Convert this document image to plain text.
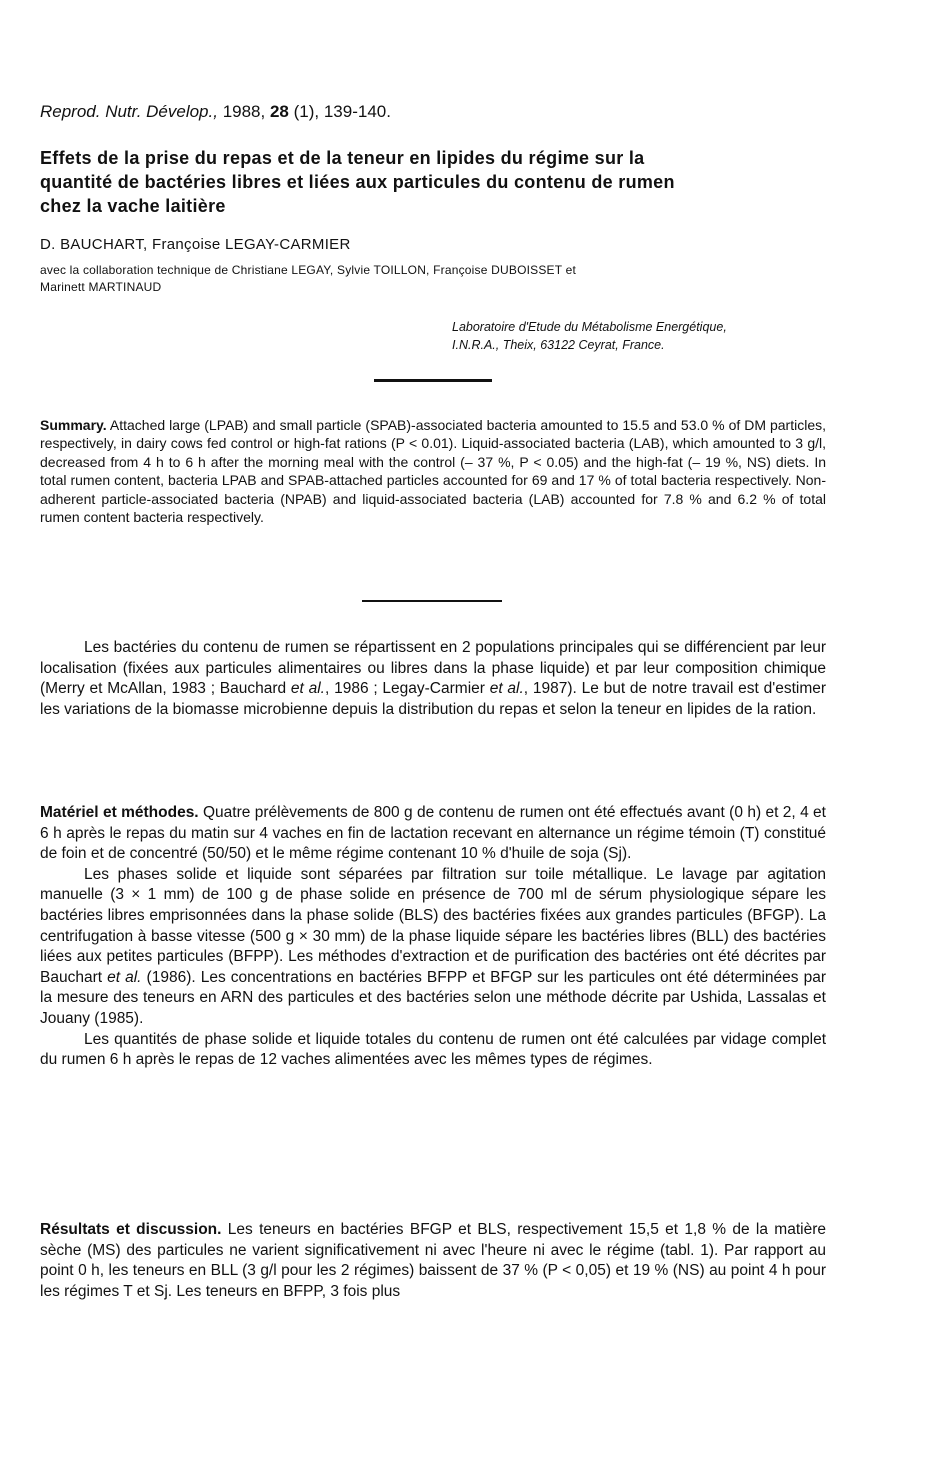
Reprod. Nutr. Dévelop., 1988, 28 (1), 139-140.
Effets de la prise du repas et de la teneur en lipides du régime sur la
quantité de bactéries libres et liées aux particules du contenu de rumen
chez la vache laitière
D. BAUCHART, Françoise LEGAY-CARMIER
avec la collaboration technique de Christiane LEGAY, Sylvie TOILLON, Françoise DUBOISSET et
Marinett MARTINAUD
Laboratoire d'Etude du Métabolisme Energétique,
I.N.R.A., Theix, 63122 Ceyrat, France.
Summary. Attached large (LPAB) and small particle (SPAB)-associated bacteria amounted to 15.5 and 53.0 % of DM particles, respectively, in dairy cows fed control or high-fat rations (P < 0.01). Liquid-associated bacteria (LAB), which amounted to 3 g/l, decreased from 4 h to 6 h after the morning meal with the control (– 37 %, P < 0.05) and the high-fat (– 19 %, NS) diets. In total rumen content, bacteria LPAB and SPAB-attached particles accounted for 69 and 17 % of total bacteria respectively. Non-adherent particle-associated bacteria (NPAB) and liquid-associated bacteria (LAB) accounted for 7.8 % and 6.2 % of total rumen content bacteria respectively.
Les bactéries du contenu de rumen se répartissent en 2 populations principales qui se différencient par leur localisation (fixées aux particules alimentaires ou libres dans la phase liquide) et par leur composition chimique (Merry et McAllan, 1983 ; Bauchard et al., 1986 ; Legay-Carmier et al., 1987). Le but de notre travail est d'estimer les variations de la biomasse microbienne depuis la distribution du repas et selon la teneur en lipides de la ration.
Matériel et méthodes. Quatre prélèvements de 800 g de contenu de rumen ont été effectués avant (0 h) et 2, 4 et 6 h après le repas du matin sur 4 vaches en fin de lactation recevant en alternance un régime témoin (T) constitué de foin et de concentré (50/50) et le même régime contenant 10 % d'huile de soja (Sj).
Les phases solide et liquide sont séparées par filtration sur toile métallique. Le lavage par agitation manuelle (3 × 1 mm) de 100 g de phase solide en présence de 700 ml de sérum physiologique sépare les bactéries libres emprisonnées dans la phase solide (BLS) des bactéries fixées aux grandes particules (BFGP). La centrifugation à basse vitesse (500 g × 30 mm) de la phase liquide sépare les bactéries libres (BLL) des bactéries liées aux petites particules (BFPP). Les méthodes d'extraction et de purification des bactéries ont été décrites par Bauchart et al. (1986). Les concentrations en bactéries BFPP et BFGP sur les particules ont été déterminées par la mesure des teneurs en ARN des particules et des bactéries selon une méthode décrite par Ushida, Lassalas et Jouany (1985).
Les quantités de phase solide et liquide totales du contenu de rumen ont été calculées par vidage complet du rumen 6 h après le repas de 12 vaches alimentées avec les mêmes types de régimes.
Résultats et discussion. Les teneurs en bactéries BFGP et BLS, respectivement 15,5 et 1,8 % de la matière sèche (MS) des particules ne varient significativement ni avec l'heure ni avec le régime (tabl. 1). Par rapport au point 0 h, les teneurs en BLL (3 g/l pour les 2 régimes) baissent de 37 % (P < 0,05) et 19 % (NS) au point 4 h pour les régimes T et Sj. Les teneurs en BFPP, 3 fois plus
